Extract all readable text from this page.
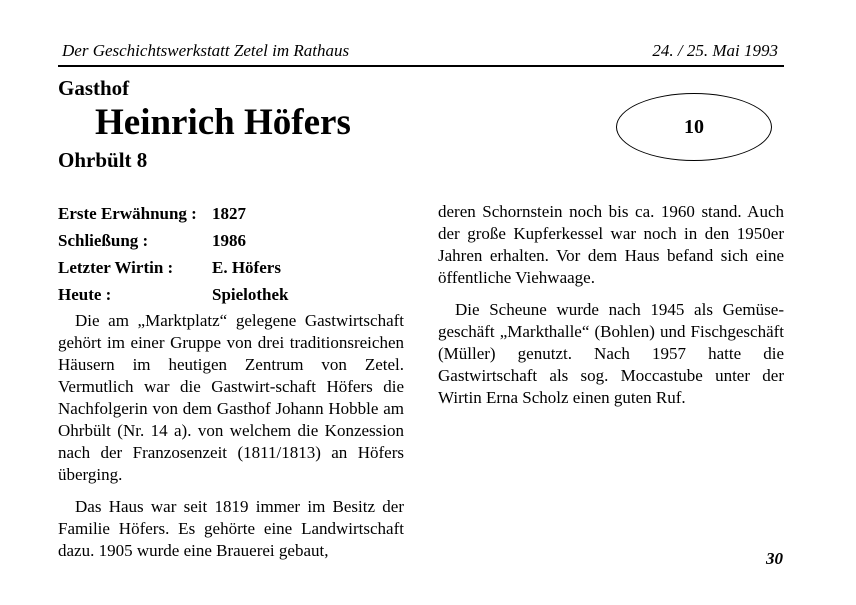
Der Geschichtswerkstatt Zetel im Rathaus	24. / 25. Mai 1993
Gasthof
Heinrich Höfers
Ohrbült 8
10
Erste Erwähnung : 1827
Schließung :	1986
Letzter Wirtin : E. Höfers
Heute :	Spielothek

Die am „Marktplatz“ gelegene Gastwirtschaft gehört im einer Gruppe von drei traditionsreichen Häusern im heutigen Zentrum von Zetel. Vermutlich war die Gastwirt-schaft Höfers die Nachfolgerin von dem Gasthof Johann Hobble am Ohrbült (Nr. 14 a). von welchem die Konzession nach der Franzosenzeit (1811/1813) an Höfers überging.

Das Haus war seit 1819 immer im Besitz der Familie Höfers. Es gehörte eine Landwirtschaft dazu. 1905 wurde eine Brauerei gebaut,

deren Schornstein noch bis ca. 1960 stand. Auch der große Kupferkessel war noch in den 1950er Jahren erhalten. Vor dem Haus befand sich eine öffentliche Viehwaage.

Die Scheune wurde nach 1945 als Gemüsegeschäft „Markthalle“ (Bohlen) und Fischgeschäft (Müller) genutzt. Nach 1957 hatte die Gastwirtschaft als sog. Moccastube unter der Wirtin Erna Scholz einen guten Ruf.

30
